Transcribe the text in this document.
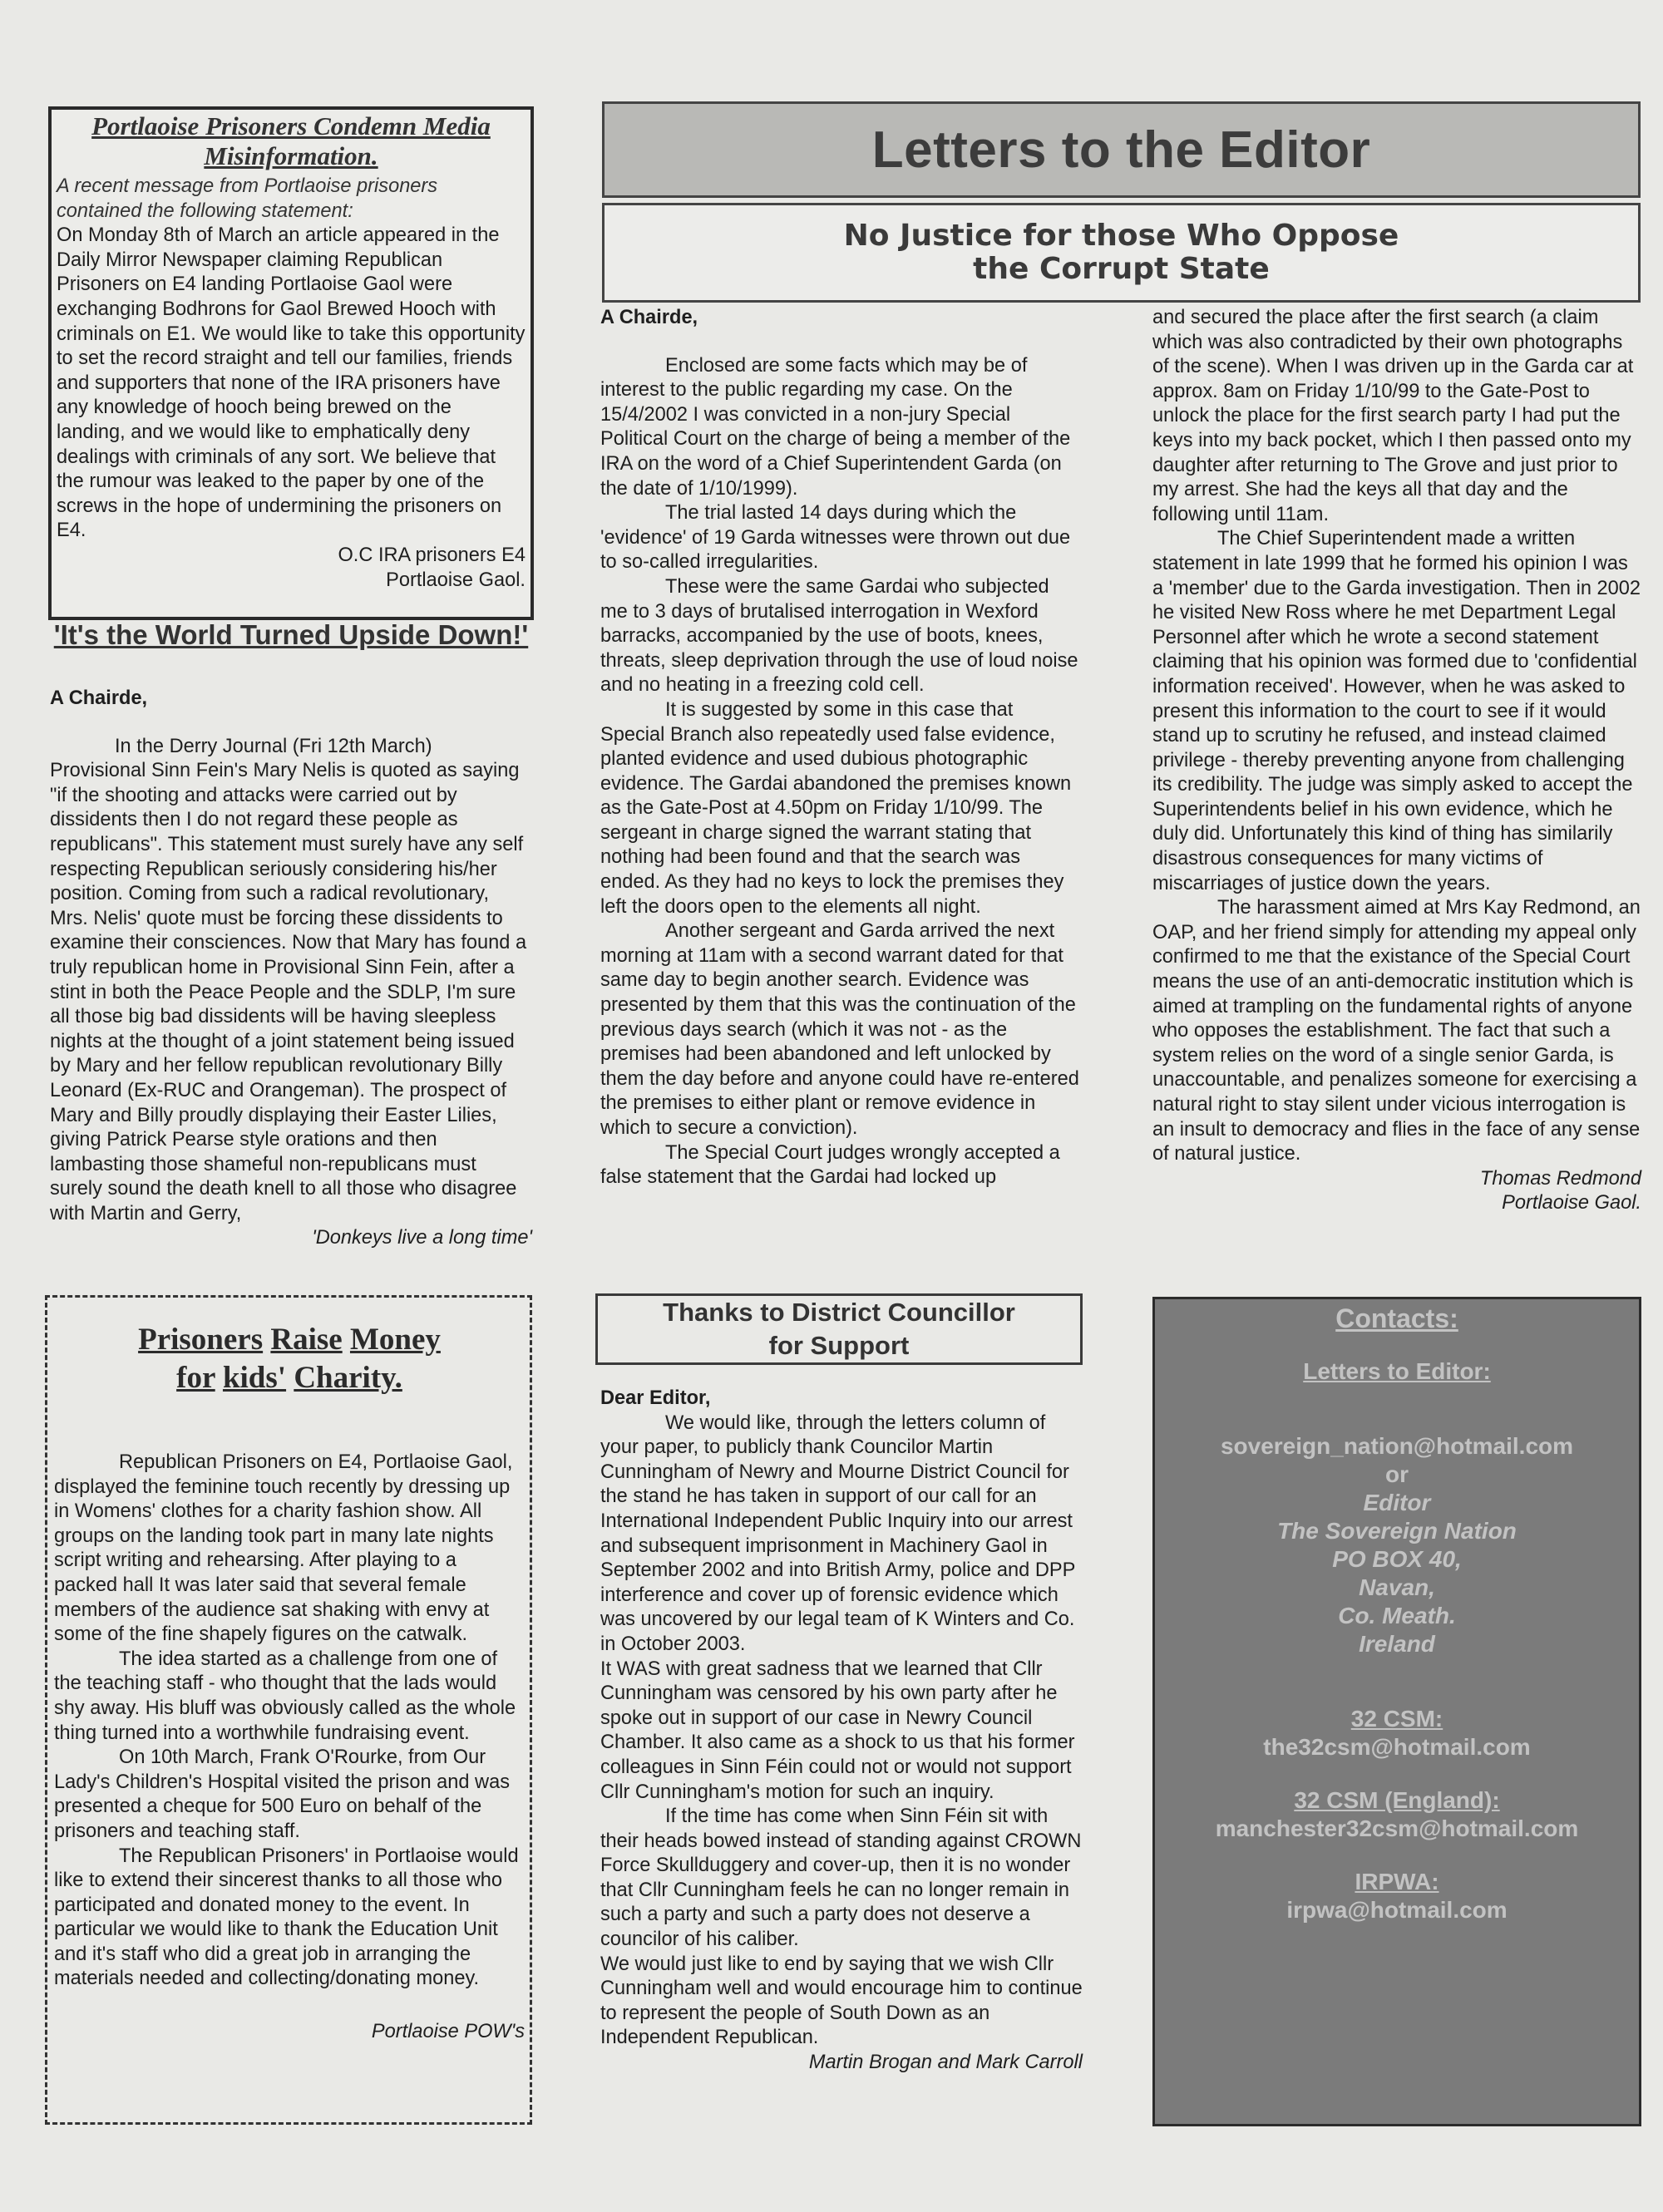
Portlaoise Prisoners Condemn Media Misinformation.

A recent message from Portlaoise prisoners contained the following statement:

On Monday 8th of March an article appeared in the Daily Mirror Newspaper claiming Republican Prisoners on E4 landing Portlaoise Gaol were exchanging Bodhrons for Gaol Brewed Hooch with criminals on E1. We would like to take this opportunity to set the record straight and tell our families, friends and supporters that none of the IRA prisoners have any knowledge of hooch being brewed on the landing, and we would like to emphatically deny dealings with criminals of any sort. We believe that the rumour was leaked to the paper by one of the screws in the hope of undermining the prisoners on E4.

O.C IRA prisoners E4

Portlaoise Gaol.

'It's the World Turned Upside Down!'

A Chairde,

In the Derry Journal (Fri 12th March) Provisional Sinn Fein's Mary Nelis is quoted as saying "if the shooting and attacks were carried out by dissidents then I do not regard these people as republicans". This statement must surely have any self respecting Republican seriously considering his/her position. Coming from such a radical revolutionary, Mrs. Nelis' quote must be forcing these dissidents to examine their consciences. Now that Mary has found a truly republican home in Provisional Sinn Fein, after a stint in both the Peace People and the SDLP, I'm sure all those big bad dissidents will be having sleepless nights at the thought of a joint statement being issued by Mary and her fellow republican revolutionary Billy Leonard (Ex-RUC and Orangeman). The prospect of Mary and Billy proudly displaying their Easter Lilies, giving Patrick Pearse style orations and then lambasting those shameful non-republicans must surely sound the death knell to all those who disagree with Martin and Gerry,

'Donkeys live a long time'

Prisoners Raise Money
for kids' Charity.

Republican Prisoners on E4, Portlaoise Gaol, displayed the feminine touch recently by dressing up in Womens' clothes for a charity fashion show. All groups on the landing took part in many late nights script writing and rehearsing. After playing to a packed hall It was later said that several female members of the audience sat shaking with envy at some of the fine shapely figures on the catwalk.

The idea started as a challenge from one of the teaching staff - who thought that the lads would shy away. His bluff was obviously called as the whole thing turned into a worthwhile fundraising event.

On 10th March, Frank O'Rourke, from Our Lady's Children's Hospital visited the prison and was presented a cheque for 500 Euro on behalf of the prisoners and teaching staff.

The Republican Prisoners' in Portlaoise would like to extend their sincerest thanks to all those who participated and donated money to the event. In particular we would like to thank the Education Unit and it's staff who did a great job in arranging the materials needed and collecting/donating money.

Portlaoise POW's

Letters to the Editor
No Justice for those Who Oppose
the Corrupt State

A Chairde,

Enclosed are some facts which may be of interest to the public regarding my case. On the 15/4/2002 I was convicted in a non-jury Special Political Court on the charge of being a member of the IRA on the word of a Chief Superintendent Garda (on the date of 1/10/1999).

The trial lasted 14 days during which the 'evidence' of 19 Garda witnesses were thrown out due to so-called irregularities.

These were the same Gardai who subjected me to 3 days of brutalised interrogation in Wexford barracks, accompanied by the use of boots, knees, threats, sleep deprivation through the use of loud noise and no heating in a freezing cold cell.

It is suggested by some in this case that Special Branch also repeatedly used false evidence, planted evidence and used dubious photographic evidence. The Gardai abandoned the premises known as the Gate-Post at 4.50pm on Friday 1/10/99. The sergeant in charge signed the warrant stating that nothing had been found and that the search was ended. As they had no keys to lock the premises they left the doors open to the elements all night.

Another sergeant and Garda arrived the next morning at 11am with a second warrant dated for that same day to begin another search. Evidence was presented by them that this was the continuation of the previous days search (which it was not - as the premises had been abandoned and left unlocked by them the day before and anyone could have re-entered the premises to either plant or remove evidence in which to secure a conviction).

The Special Court judges wrongly accepted a false statement that the Gardai had locked up

and secured the place after the first search (a claim which was also contradicted by their own photographs of the scene). When I was driven up in the Garda car at approx. 8am on Friday 1/10/99 to the Gate-Post to unlock the place for the first search party I had put the keys into my back pocket, which I then passed onto my daughter after returning to The Grove and just prior to my arrest. She had the keys all that day and the following until 11am.

The Chief Superintendent made a written statement in late 1999 that he formed his opinion I was a 'member' due to the Garda investigation. Then in 2002 he visited New Ross where he met Department Legal Personnel after which he wrote a second statement claiming that his opinion was formed due to 'confidential information received'. However, when he was asked to present this information to the court to see if it would stand up to scrutiny he refused, and instead claimed privilege - thereby preventing anyone from challenging its credibility. The judge was simply asked to accept the Superintendents belief in his own evidence, which he duly did. Unfortunately this kind of thing has similarily disastrous consequences for many victims of miscarriages of justice down the years.

The harassment aimed at Mrs Kay Redmond, an OAP, and her friend simply for attending my appeal only confirmed to me that the existance of the Special Court means the use of an anti-democratic institution which is aimed at trampling on the fundamental rights of anyone who opposes the establishment. The fact that such a system relies on the word of a single senior Garda, is unaccountable, and penalizes someone for exercising a natural right to stay silent under vicious interrogation is an insult to democracy and flies in the face of any sense of natural justice.

Thomas Redmond

Portlaoise Gaol.

Thanks to District Councillor
for Support

Dear Editor,

We would like, through the letters column of your paper, to publicly thank Councilor Martin Cunningham of Newry and Mourne District Council for the stand he has taken in support of our call for an International Independent Public Inquiry into our arrest and subsequent imprisonment in Machinery Gaol in September 2002 and into British Army, police and DPP interference and cover up of forensic evidence which was uncovered by our legal team of K Winters and Co. in October 2003.

It WAS with great sadness that we learned that Cllr Cunningham was censored by his own party after he spoke out in support of our case in Newry Council Chamber. It also came as a shock to us that his former colleagues in Sinn Féin could not or would not support Cllr Cunningham's motion for such an inquiry.

If the time has come when Sinn Féin sit with their heads bowed instead of standing against CROWN Force Skullduggery and cover-up, then it is no wonder that Cllr Cunningham feels he can no longer remain in such a party and such a party does not deserve a councilor of his caliber.

We would just like to end by saying that we wish Cllr Cunningham well and would encourage him to continue to represent the people of South Down as an Independent Republican.

Martin Brogan and Mark Carroll

Contacts:

Letters to Editor:

sovereign_nation@hotmail.com

or

Editor

The Sovereign Nation

PO BOX 40,

Navan,

Co. Meath.

Ireland

32 CSM:

the32csm@hotmail.com

32 CSM (England):

manchester32csm@hotmail.com

IRPWA:

irpwa@hotmail.com
